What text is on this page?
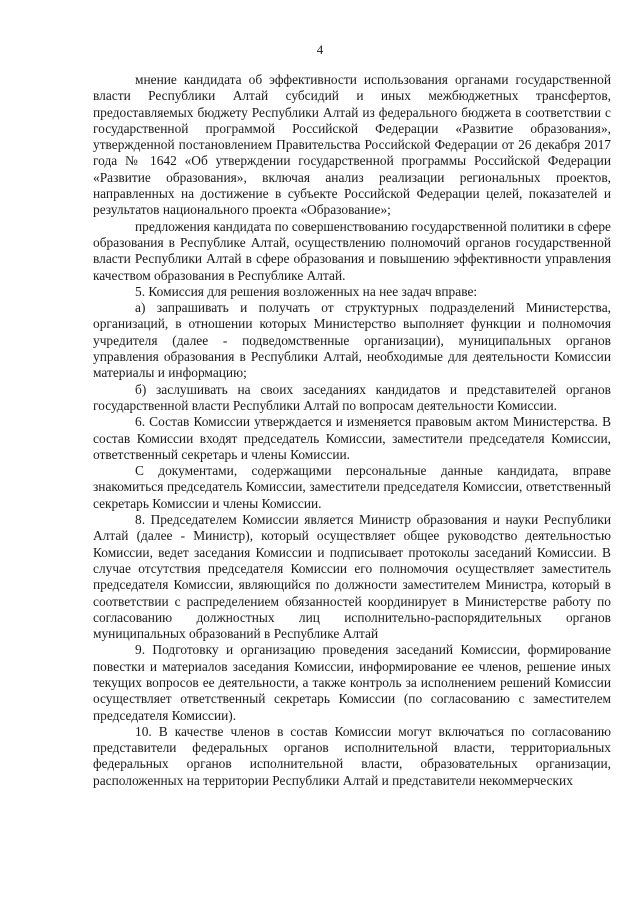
4

мнение кандидата об эффективности использования органами государственной власти Республики Алтай субсидий и иных межбюджетных трансфертов, предоставляемых бюджету Республики Алтай из федерального бюджета в соответствии с государственной программой Российской Федерации «Развитие образования», утвержденной постановлением Правительства Российской Федерации от 26 декабря 2017 года № 1642 «Об утверждении государственной программы Российской Федерации «Развитие образования», включая анализ реализации региональных проектов, направленных на достижение в субъекте Российской Федерации целей, показателей и результатов национального проекта «Образование»;

предложения кандидата по совершенствованию государственной политики в сфере образования в Республике Алтай, осуществлению полномочий органов государственной власти Республики Алтай в сфере образования и повышению эффективности управления качеством образования в Республике Алтай.

5. Комиссия для решения возложенных на нее задач вправе:

а) запрашивать и получать от структурных подразделений Министерства, организаций, в отношении которых Министерство выполняет функции и полномочия учредителя (далее - подведомственные организации), муниципальных органов управления образования в Республики Алтай, необходимые для деятельности Комиссии материалы и информацию;

б) заслушивать на своих заседаниях кандидатов и представителей органов государственной власти Республики Алтай по вопросам деятельности Комиссии.

6. Состав Комиссии утверждается и изменяется правовым актом Министерства. В состав Комиссии входят председатель Комиссии, заместители председателя Комиссии, ответственный секретарь и члены Комиссии.

С документами, содержащими персональные данные кандидата, вправе знакомиться председатель Комиссии, заместители председателя Комиссии, ответственный секретарь Комиссии и члены Комиссии.

8. Председателем Комиссии является Министр образования и науки Республики Алтай (далее - Министр), который осуществляет общее руководство деятельностью Комиссии, ведет заседания Комиссии и подписывает протоколы заседаний Комиссии. В случае отсутствия председателя Комиссии его полномочия осуществляет заместитель председателя Комиссии, являющийся по должности заместителем Министра, который в соответствии с распределением обязанностей координирует в Министерстве работу по согласованию должностных лиц исполнительно-распорядительных органов муниципальных образований в Республике Алтай

9. Подготовку и организацию проведения заседаний Комиссии, формирование повестки и материалов заседания Комиссии, информирование ее членов, решение иных текущих вопросов ее деятельности, а также контроль за исполнением решений Комиссии осуществляет ответственный секретарь Комиссии (по согласованию с заместителем председателя Комиссии).

10. В качестве членов в состав Комиссии могут включаться по согласованию представители федеральных органов исполнительной власти, территориальных федеральных органов исполнительной власти, образовательных организации, расположенных на территории Республики Алтай и представители некоммерческих
